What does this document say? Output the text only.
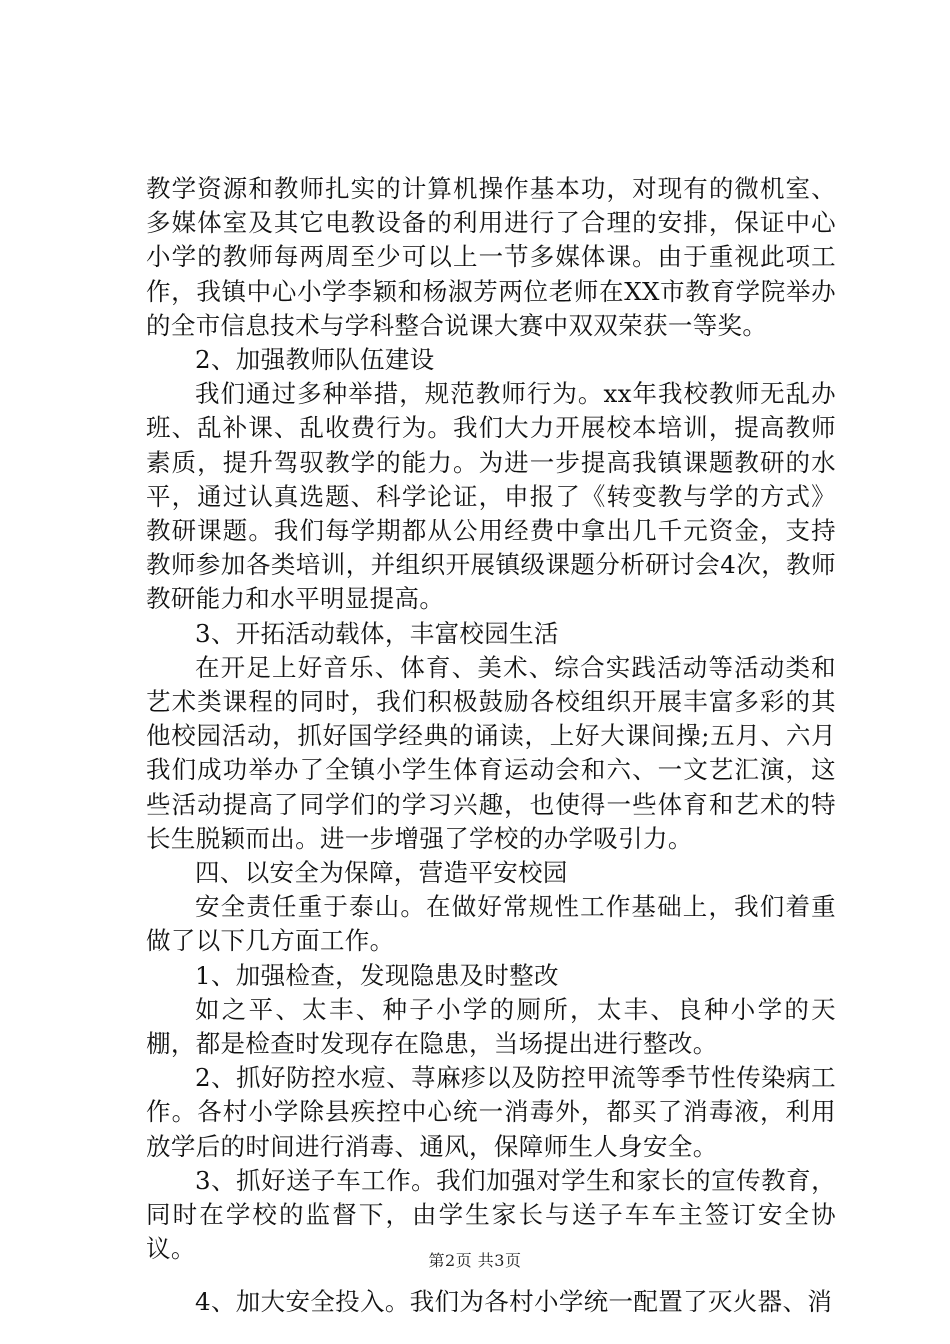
教学资源和教师扎实的计算机操作基本功，对现有的微机室、多媒体室及其它电教设备的利用进行了合理的安排，保证中心小学的教师每两周至少可以上一节多媒体课。由于重视此项工作，我镇中心小学李颖和杨淑芳两位老师在XX市教育学院举办的全市信息技术与学科整合说课大赛中双双荣获一等奖。

2、加强教师队伍建设

我们通过多种举措，规范教师行为。xx年我校教师无乱办班、乱补课、乱收费行为。我们大力开展校本培训，提高教师素质，提升驾驭教学的能力。为进一步提高我镇课题教研的水平，通过认真选题、科学论证，申报了《转变教与学的方式》教研课题。我们每学期都从公用经费中拿出几千元资金，支持教师参加各类培训，并组织开展镇级课题分析研讨会4次，教师教研能力和水平明显提高。

3、开拓活动载体，丰富校园生活

在开足上好音乐、体育、美术、综合实践活动等活动类和艺术类课程的同时，我们积极鼓励各校组织开展丰富多彩的其他校园活动，抓好国学经典的诵读，上好大课间操;五月、六月我们成功举办了全镇小学生体育运动会和六、一文艺汇演，这些活动提高了同学们的学习兴趣，也使得一些体育和艺术的特长生脱颖而出。进一步增强了学校的办学吸引力。

四、以安全为保障，营造平安校园

安全责任重于泰山。在做好常规性工作基础上，我们着重做了以下几方面工作。

1、加强检查，发现隐患及时整改

如之平、太丰、种子小学的厕所，太丰、良种小学的天棚，都是检查时发现存在隐患，当场提出进行整改。

2、抓好防控水痘、荨麻疹以及防控甲流等季节性传染病工作。各村小学除县疾控中心统一消毒外，都买了消毒液，利用放学后的时间进行消毒、通风，保障师生人身安全。

3、抓好送子车工作。我们加强对学生和家长的宣传教育，同时在学校的监督下，由学生家长与送子车车主签订安全协议。

4、加大安全投入。我们为各村小学统一配置了灭火器、消

第2页 共3页
